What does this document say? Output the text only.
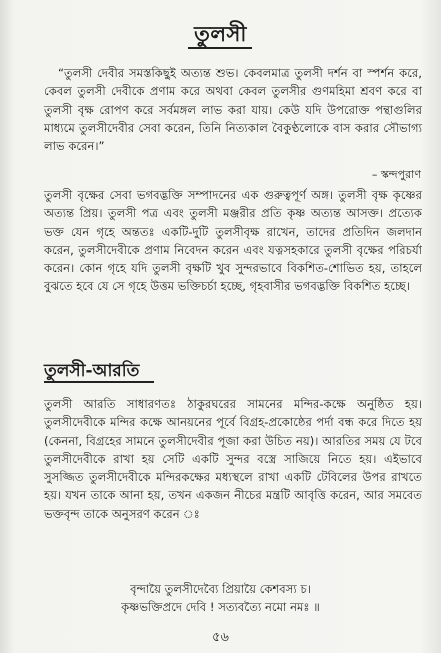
তুলসী

“তুলসী দেবীর সমস্তকিছুই অত্যন্ত শুভ। কেবলমাত্র তুলসী দর্শন বা স্পর্শন করে, কেবল তুলসী দেবীকে প্রণাম করে অথবা কেবল তুলসীর গুণমহিমা শ্রবণ করে বা তুলসী বৃক্ষ রোপণ করে সর্বমঙ্গল লাভ করা যায়। কেউ যদি উপরোক্ত পন্থাগুলির মাধ্যমে তুলসীদেবীর সেবা করেন, তিনি নিত্যকাল বৈকুণ্ঠলোকে বাস করার সৌভাগ্য লাভ করেন।”

– স্কন্দপুরাণ

তুলসী বৃক্ষের সেবা ভগবদ্ভক্তি সম্পাদনের এক গুরুত্বপূর্ণ অঙ্গ। তুলসী বৃক্ষ কৃষ্ণের অত্যন্ত প্রিয়। তুলসী পত্র এবং তুলসী মঞ্জরীর প্রতি কৃষ্ণ অত্যন্ত আসক্ত। প্রত্যেক ভক্ত যেন গৃহে অন্ততঃ একটি-দুটি তুলসীবৃক্ষ রাখেন, তাদের প্রতিদিন জলদান করেন, তুলসীদেবীকে প্রণাম নিবেদন করেন এবং যত্নসহকারে তুলসী বৃক্ষের পরিচর্যা করেন। কোন গৃহে যদি তুলসী বৃক্ষটি খুব সুন্দরভাবে বিকশিত-শোভিত হয়, তাহলে বুঝতে হবে যে সে গৃহে উত্তম ভক্তিচর্চা হচ্ছে, গৃহবাসীর ভগবদ্ভক্তি বিকশিত হচ্ছে।

তুলসী-আরতি

তুলসী আরতি সাধারণতঃ ঠাকুরঘরের সামনের মন্দির-কক্ষে অনুষ্ঠিত হয়। তুলসীদেবীকে মন্দির কক্ষে আনয়নের পূর্বে বিগ্রহ-প্রকোষ্ঠের পর্দা বন্ধ করে দিতে হয় (কেননা, বিগ্রহের সামনে তুলসীদেবীর পূজা করা উচিত নয়)। আরতির সময় যে টবে তুলসীদেবীকে রাখা হয় সেটি একটি সুন্দর বস্ত্রে সাজিয়ে নিতে হয়। এইভাবে সুসজ্জিত তুলসীদেবীকে মন্দিরকক্ষের মধ্যস্থলে রাখা একটি টেবিলের উপর রাখতে হয়। যখন তাকে আনা হয়, তখন একজন নীচের মন্ত্রটি আবৃত্তি করেন, আর সমবেত ভক্তবৃন্দ তাকে অনুসরণ করেন ঃ

বৃন্দায়ৈ তুলসীদেব্যৈ প্রিয়ায়ৈ কেশবস্য চ।
কৃষ্ণভক্তিপ্রদে দেবি ! সত্যবত্যৈ নমো নমঃ ॥
৫৬
